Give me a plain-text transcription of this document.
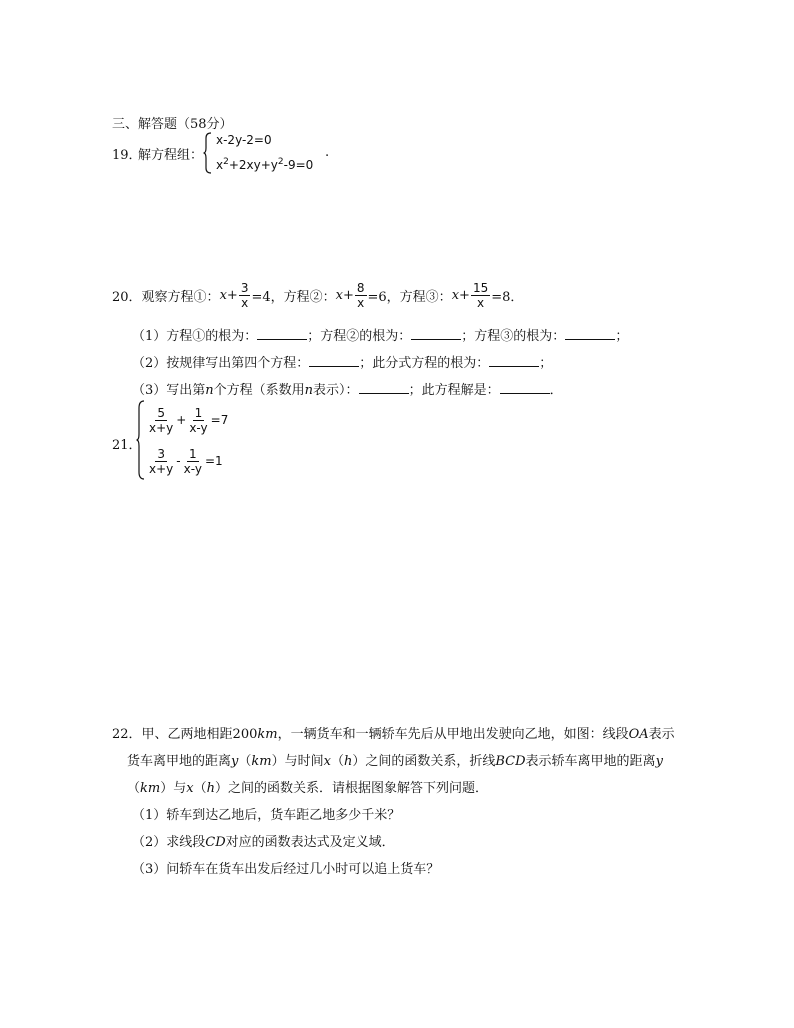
三、解答题（58分）
19．
解方程组：
x-2y-2=0
$x^2+2xy+y^2-9=0$
.
20． 观察方程①： $x + \frac{3}{x} =4$，方程②： $x + \frac{8}{x} =6$，方程③： $x + \frac{15}{x} =8$．
（1）方程①的根为：	；方程②的根为：	；方程③的根为：	；
（2）按规律写出第四个方程：	；此分式方程的根为：	；
（3）写出第n个方程（系数用n表示）：	；此方程解是：	．
21．
$\frac{5}{x+y} + \frac{1}{x-y} =7$
$\frac{3}{x+y} - \frac{1}{x-y} =1$
22．甲、乙两地相距200km，一辆货车和一辆轿车先后从甲地出发驶向乙地，如图：线段OA表示
货车离甲地的距离y（km）与时间x（h）之间的函数关系，折线BCD表示轿车离甲地的距离y
（km）与x（h）之间的函数关系．请根据图象解答下列问题．
（1）轿车到达乙地后，货车距乙地多少千米？
（2）求线段CD对应的函数表达式及定义域．
（3）问轿车在货车出发后经过几小时可以追上货车？
